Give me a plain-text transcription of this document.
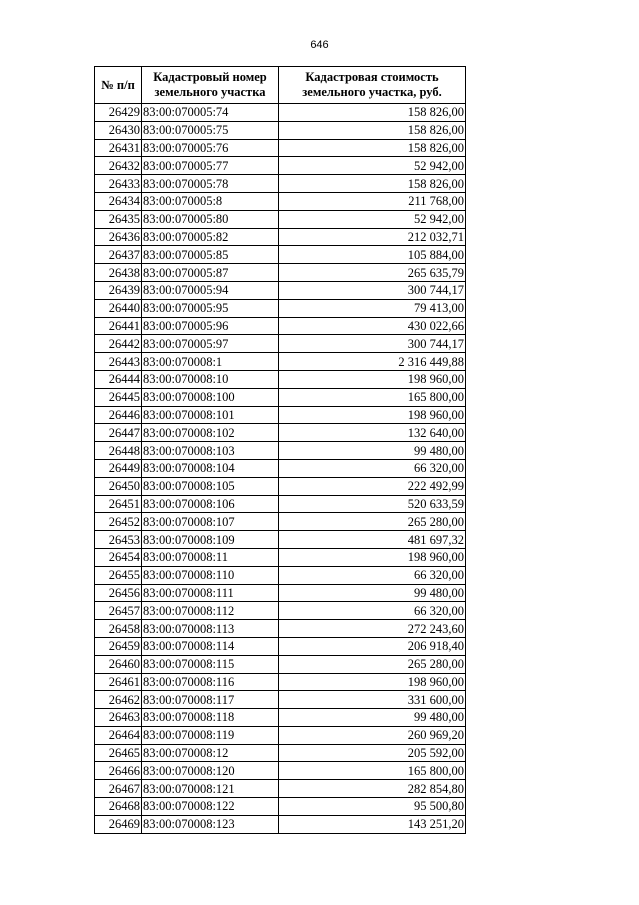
646
№ п/п	Кадастровый номер земельного участка	Кадастровая стоимость земельного участка, руб.
26429	83:00:070005:74	158 826,00
26430	83:00:070005:75	158 826,00
26431	83:00:070005:76	158 826,00
26432	83:00:070005:77	52 942,00
26433	83:00:070005:78	158 826,00
26434	83:00:070005:8	211 768,00
26435	83:00:070005:80	52 942,00
26436	83:00:070005:82	212 032,71
26437	83:00:070005:85	105 884,00
26438	83:00:070005:87	265 635,79
26439	83:00:070005:94	300 744,17
26440	83:00:070005:95	79 413,00
26441	83:00:070005:96	430 022,66
26442	83:00:070005:97	300 744,17
26443	83:00:070008:1	2 316 449,88
26444	83:00:070008:10	198 960,00
26445	83:00:070008:100	165 800,00
26446	83:00:070008:101	198 960,00
26447	83:00:070008:102	132 640,00
26448	83:00:070008:103	99 480,00
26449	83:00:070008:104	66 320,00
26450	83:00:070008:105	222 492,99
26451	83:00:070008:106	520 633,59
26452	83:00:070008:107	265 280,00
26453	83:00:070008:109	481 697,32
26454	83:00:070008:11	198 960,00
26455	83:00:070008:110	66 320,00
26456	83:00:070008:111	99 480,00
26457	83:00:070008:112	66 320,00
26458	83:00:070008:113	272 243,60
26459	83:00:070008:114	206 918,40
26460	83:00:070008:115	265 280,00
26461	83:00:070008:116	198 960,00
26462	83:00:070008:117	331 600,00
26463	83:00:070008:118	99 480,00
26464	83:00:070008:119	260 969,20
26465	83:00:070008:12	205 592,00
26466	83:00:070008:120	165 800,00
26467	83:00:070008:121	282 854,80
26468	83:00:070008:122	95 500,80
26469	83:00:070008:123	143 251,20
